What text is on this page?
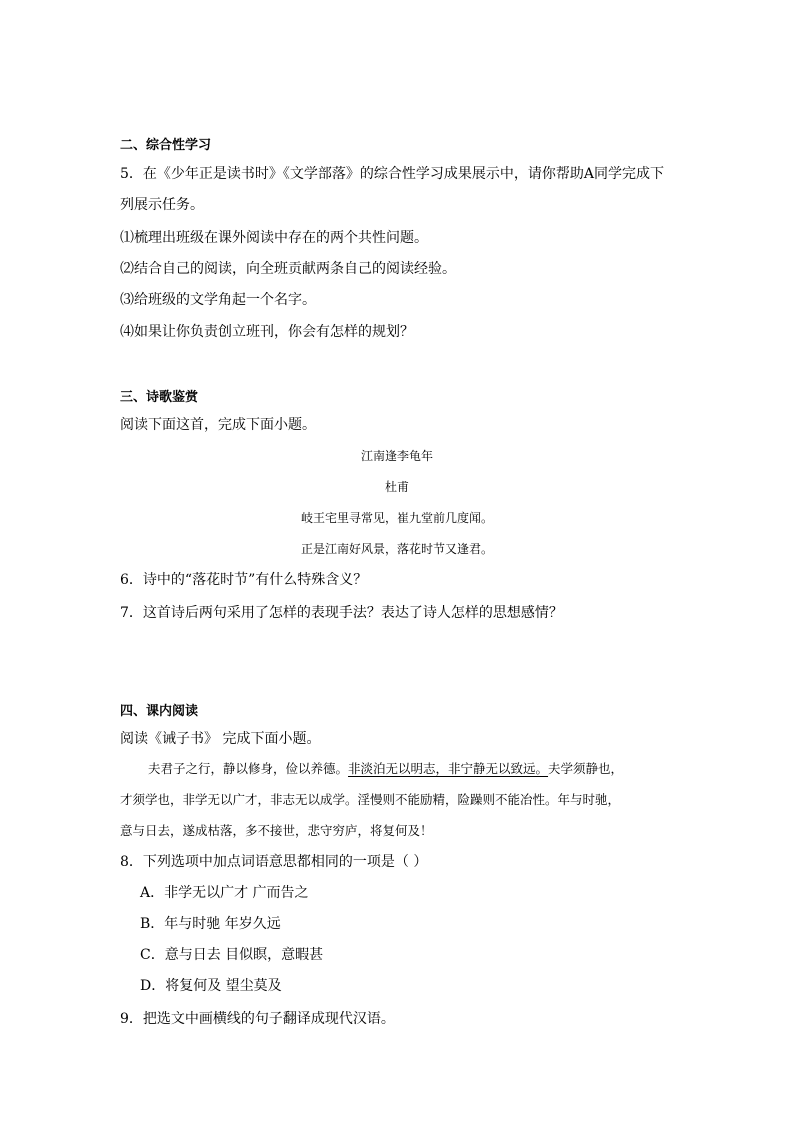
二、综合性学习
5．在《少年正是读书时》《文学部落》的综合性学习成果展示中，请你帮助A同学完成下
列展示任务。
⑴梳理出班级在课外阅读中存在的两个共性问题。
⑵结合自己的阅读，向全班贡献两条自己的阅读经验。
⑶给班级的文学角起一个名字。
⑷如果让你负责创立班刊，你会有怎样的规划？
三、诗歌鉴赏
阅读下面这首，完成下面小题。
江南逢李龟年
杜甫
岐王宅里寻常见，崔九堂前几度闻。
正是江南好风景，落花时节又逢君。
6．诗中的“落花时节”有什么特殊含义？
7．这首诗后两句采用了怎样的表现手法？表达了诗人怎样的思想感情？
四、课内阅读
阅读《诫子书》 完成下面小题。
夫君子之行，静以修身，俭以养德。非淡泊无以明志，非宁静无以致远。夫学须静也，
才须学也，非学无以广才，非志无以成学。淫慢则不能励精，险躁则不能冶性。年与时驰，
意与日去，遂成枯落，多不接世，悲守穷庐，将复何及！
8．下列选项中加点词语意思都相同的一项是（ ）
A．非学无以广才 广而告之
B．年与时驰 年岁久远
C．意与日去 目似瞑，意暇甚
D．将复何及 望尘莫及
9．把选文中画横线的句子翻译成现代汉语。
